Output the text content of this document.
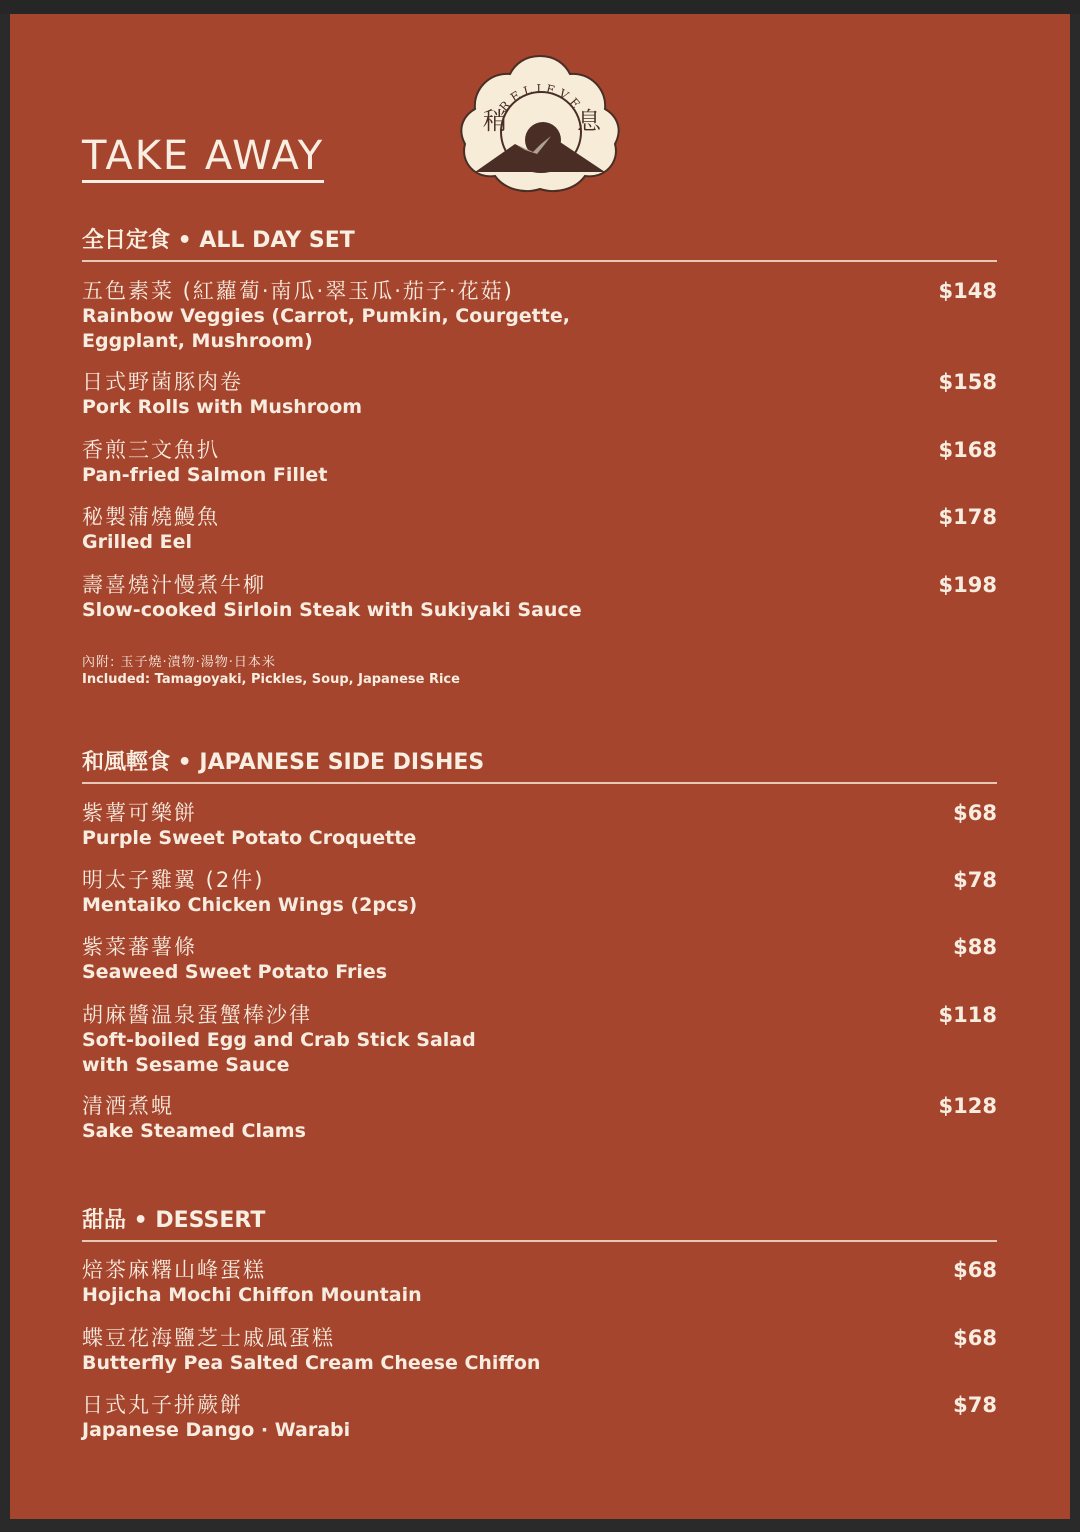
TAKE AWAY
RELIEVE
稍	息
全日定食 • ALL DAY SET
五色素菜 (紅蘿蔔·南瓜·翠玉瓜·茄子·花菇)
Rainbow Veggies (Carrot, Pumkin, Courgette,
Eggplant, Mushroom)
$148
日式野菌豚肉卷
Pork Rolls with Mushroom
$158
香煎三文魚扒
Pan-fried Salmon Fillet
$168
秘製蒲燒鰻魚
Grilled Eel
$178
壽喜燒汁慢煮牛柳
Slow-cooked Sirloin Steak with Sukiyaki Sauce
$198
內附: 玉子燒·漬物·湯物·日本米
Included: Tamagoyaki, Pickles, Soup, Japanese Rice
和風輕食 • JAPANESE SIDE DISHES
紫薯可樂餅
Purple Sweet Potato Croquette
$68
明太子雞翼 (2件)
Mentaiko Chicken Wings (2pcs)
$78
紫菜蕃薯條
Seaweed Sweet Potato Fries
$88
胡麻醬温泉蛋蟹棒沙律
Soft-boiled Egg and Crab Stick Salad
with Sesame Sauce
$118
清酒煮蜆
Sake Steamed Clams
$128
甜品 • DESSERT
焙茶麻糬山峰蛋糕
Hojicha Mochi Chiffon Mountain
$68
蝶豆花海鹽芝士戚風蛋糕
Butterfly Pea Salted Cream Cheese Chiffon
$68
日式丸子拼蕨餅
Japanese Dango · Warabi
$78
